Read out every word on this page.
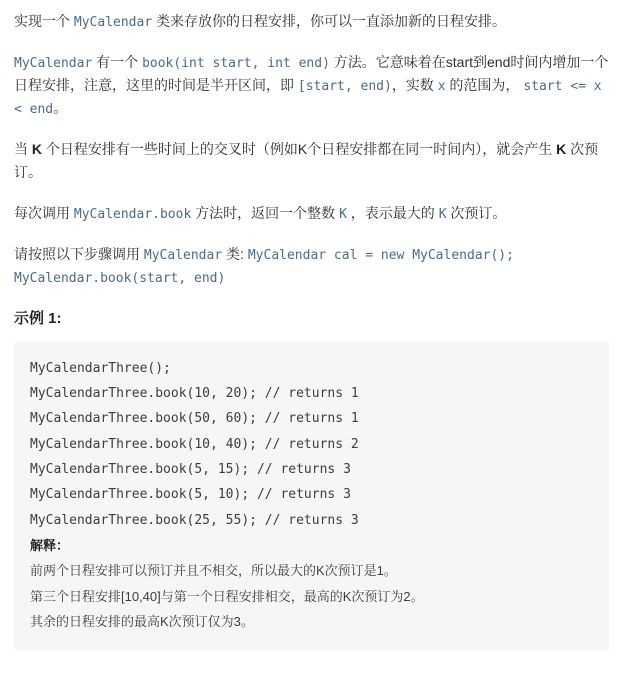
实现一个 MyCalendar 类来存放你的日程安排，你可以一直添加新的日程安排。

MyCalendar 有一个 book(int start, int end) 方法。它意味着在start到end时间内增加一个日程安排，注意，这里的时间是半开区间，即 [start, end)，实数 x 的范围为， start <= x < end。

当 K 个日程安排有一些时间上的交叉时（例如K个日程安排都在同一时间内），就会产生 K 次预订。

每次调用 MyCalendar.book 方法时，返回一个整数 K ，表示最大的 K 次预订。

请按照以下步骤调用 MyCalendar 类: MyCalendar cal = new MyCalendar(); MyCalendar.book(start, end)

示例 1:
MyCalendarThree();
MyCalendarThree.book(10, 20); // returns 1
MyCalendarThree.book(50, 60); // returns 1
MyCalendarThree.book(10, 40); // returns 2
MyCalendarThree.book(5, 15); // returns 3
MyCalendarThree.book(5, 10); // returns 3
MyCalendarThree.book(25, 55); // returns 3
解释：
前两个日程安排可以预订并且不相交，所以最大的K次预订是1。
第三个日程安排[10,40]与第一个日程安排相交，最高的K次预订为2。
其余的日程安排的最高K次预订仅为3。
